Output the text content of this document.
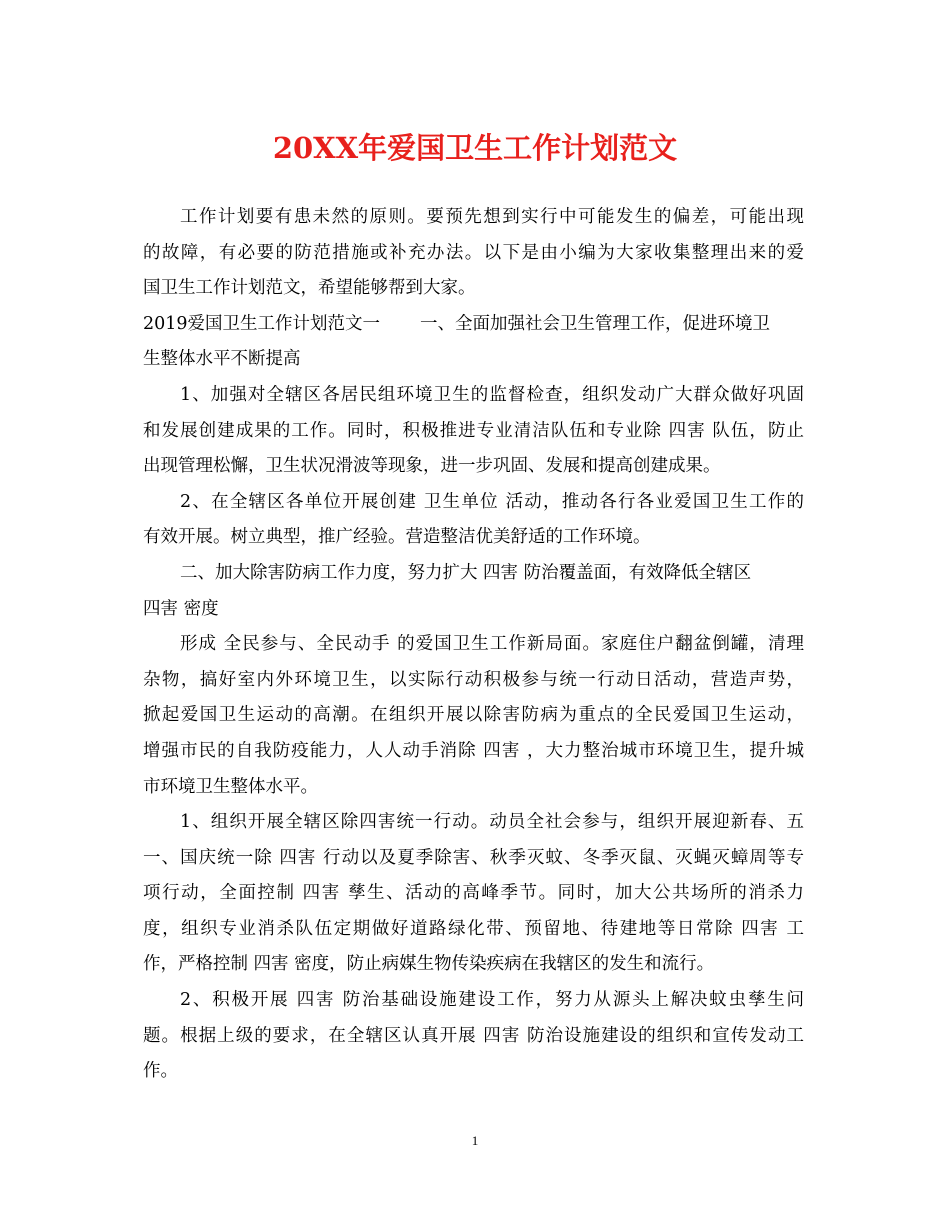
20XX年爱国卫生工作计划范文
工作计划要有患未然的原则。要预先想到实行中可能发生的偏差，可能出现
的故障，有必要的防范措施或补充办法。以下是由小编为大家收集整理出来的爱
国卫生工作计划范文，希望能够帮到大家。
2019爱国卫生工作计划范文一 一、全面加强社会卫生管理工作，促进环境卫
生整体水平不断提高
1、加强对全辖区各居民组环境卫生的监督检查，组织发动广大群众做好巩固
和发展创建成果的工作。同时，积极推进专业清洁队伍和专业除 四害 队伍，防止
出现管理松懈，卫生状况滑波等现象，进一步巩固、发展和提高创建成果。
2、在全辖区各单位开展创建 卫生单位 活动，推动各行各业爱国卫生工作的
有效开展。树立典型，推广经验。营造整洁优美舒适的工作环境。
二、加大除害防病工作力度，努力扩大 四害 防治覆盖面，有效降低全辖区
四害 密度
形成 全民参与、全民动手 的爱国卫生工作新局面。家庭住户翻盆倒罐，清理
杂物，搞好室内外环境卫生，以实际行动积极参与统一行动日活动，营造声势，
掀起爱国卫生运动的高潮。在组织开展以除害防病为重点的全民爱国卫生运动，
增强市民的自我防疫能力，人人动手消除 四害 ，大力整治城市环境卫生，提升城
市环境卫生整体水平。
1、组织开展全辖区除四害统一行动。动员全社会参与，组织开展迎新春、五
一、国庆统一除 四害 行动以及夏季除害、秋季灭蚊、冬季灭鼠、灭蝇灭蟑周等专
项行动，全面控制 四害 孳生、活动的高峰季节。同时，加大公共场所的消杀力
度，组织专业消杀队伍定期做好道路绿化带、预留地、待建地等日常除 四害 工
作，严格控制 四害 密度，防止病媒生物传染疾病在我辖区的发生和流行。
2、积极开展 四害 防治基础设施建设工作，努力从源头上解决蚊虫孳生问
题。根据上级的要求，在全辖区认真开展 四害 防治设施建设的组织和宣传发动工
作。
1
